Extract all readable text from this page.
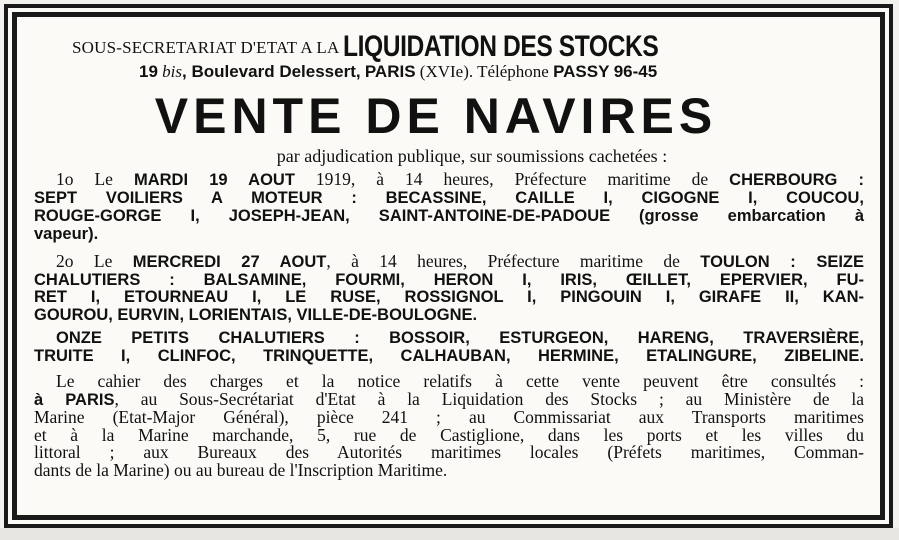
SOUS-SECRETARIAT D'ETAT A LA LIQUIDATION DES STOCKS
19 bis, Boulevard Delessert, PARIS (XVIe). Téléphone PASSY 96-45
VENTE DE NAVIRES
par adjudication publique, sur soumissions cachetées :
1o Le MARDI 19 AOUT 1919, à 14 heures, Préfecture maritime de CHERBOURG :
SEPT VOILIERS A MOTEUR : BECASSINE, CAILLE I, CIGOGNE I, COUCOU,
ROUGE-GORGE I, JOSEPH-JEAN, SAINT-ANTOINE-DE-PADOUE (grosse embarcation à
vapeur).
2o Le MERCREDI 27 AOUT, à 14 heures, Préfecture maritime de TOULON : SEIZE
CHALUTIERS : BALSAMINE, FOURMI, HERON I, IRIS, ŒILLET, EPERVIER, FU-
RET I, ETOURNEAU I, LE RUSE, ROSSIGNOL I, PINGOUIN I, GIRAFE II, KAN-
GOUROU, EURVIN, LORIENTAIS, VILLE-DE-BOULOGNE.
ONZE PETITS CHALUTIERS : BOSSOIR, ESTURGEON, HARENG, TRAVERSIÈRE,
TRUITE I, CLINFOC, TRINQUETTE, CALHAUBAN, HERMINE, ETALINGURE, ZIBELINE.
Le cahier des charges et la notice relatifs à cette vente peuvent être consultés :
à PARIS, au Sous-Secrétariat d'Etat à la Liquidation des Stocks ; au Ministère de la
Marine (Etat-Major Général), pièce 241 ; au Commissariat aux Transports maritimes
et à la Marine marchande, 5, rue de Castiglione, dans les ports et les villes du
littoral ; aux Bureaux des Autorités maritimes locales (Préfets maritimes, Comman-
dants de la Marine) ou au bureau de l'Inscription Maritime.
